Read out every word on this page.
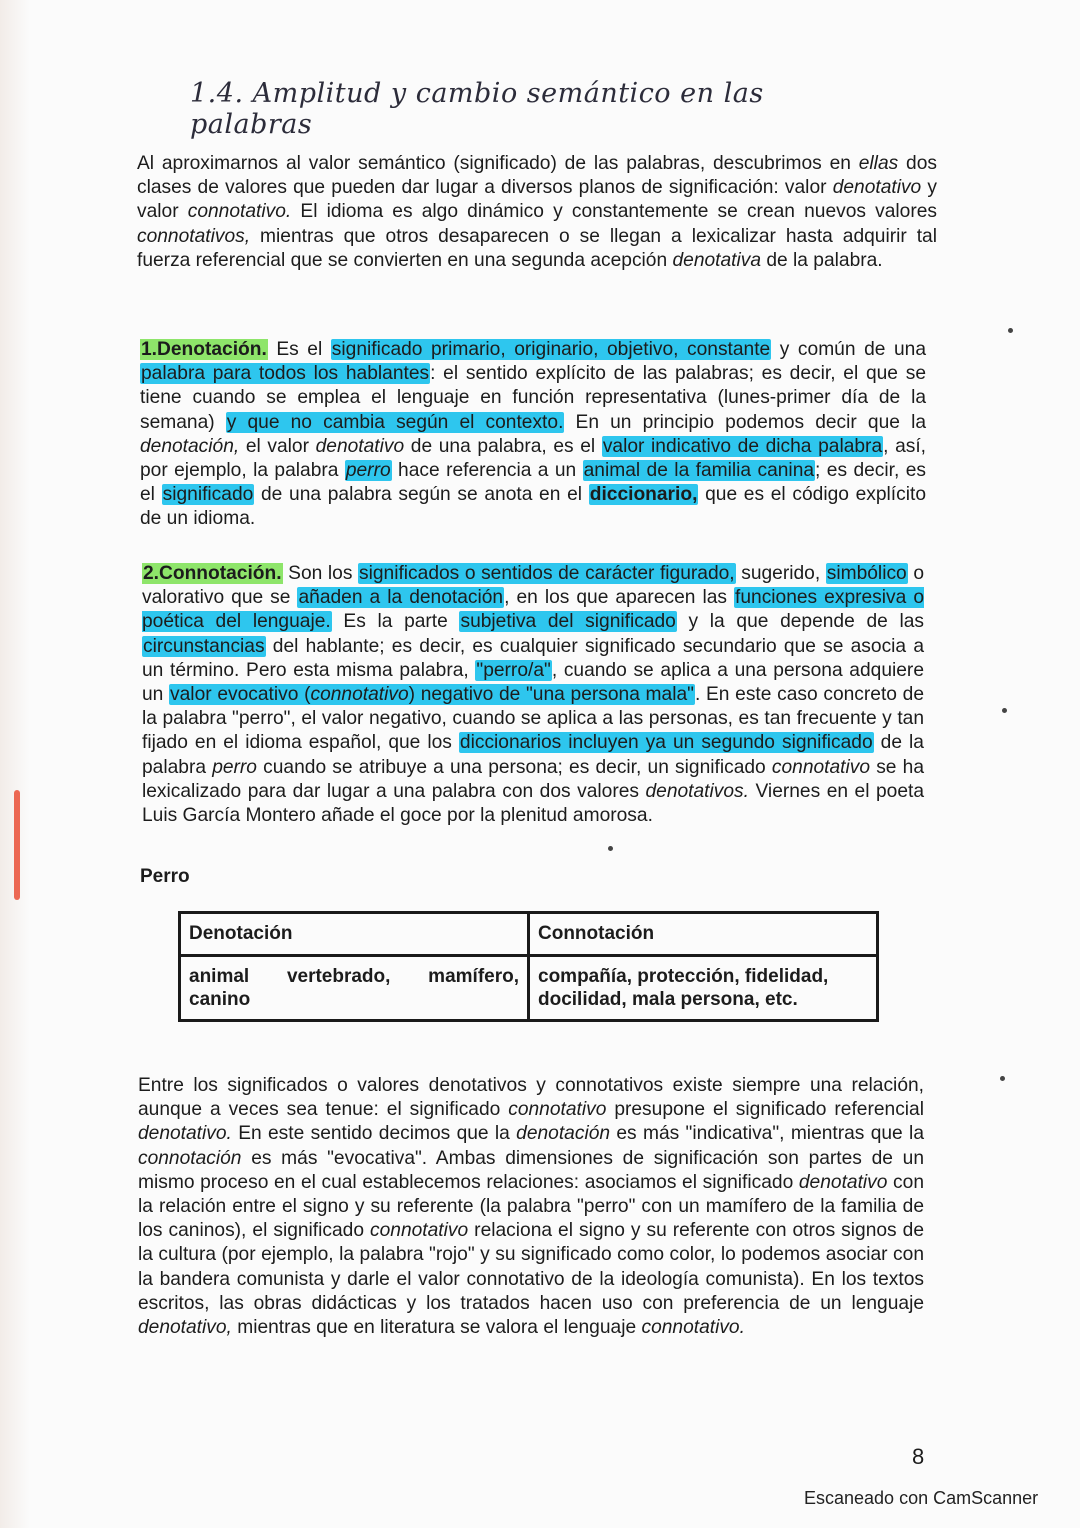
1.4. Amplitud y cambio semántico en las palabras

Al aproximarnos al valor semántico (significado) de las palabras, descubrimos en ellas dos clases de valores que pueden dar lugar a diversos planos de significación: valor denotativo y valor connotativo. El idioma es algo dinámico y constantemente se crean nuevos valores connotativos, mientras que otros desaparecen o se llegan a lexicalizar hasta adquirir tal fuerza referencial que se convierten en una segunda acepción denotativa de la palabra.

1.Denotación. Es el significado primario, originario, objetivo, constante y común de una palabra para todos los hablantes: el sentido explícito de las palabras; es decir, el que se tiene cuando se emplea el lenguaje en función representativa (lunes-primer día de la semana) y que no cambia según el contexto. En un principio podemos decir que la denotación, el valor denotativo de una palabra, es el valor indicativo de dicha palabra, así, por ejemplo, la palabra perro hace referencia a un animal de la familia canina; es decir, es el significado de una palabra según se anota en el diccionario, que es el código explícito de un idioma.

2.Connotación. Son los significados o sentidos de carácter figurado, sugerido, simbólico o valorativo que se añaden a la denotación, en los que aparecen las funciones expresiva o poética del lenguaje. Es la parte subjetiva del significado y la que depende de las circunstancias del hablante; es decir, es cualquier significado secundario que se asocia a un término. Pero esta misma palabra, "perro/a", cuando se aplica a una persona adquiere un valor evocativo (connotativo) negativo de "una persona mala". En este caso concreto de la palabra "perro", el valor negativo, cuando se aplica a las personas, es tan frecuente y tan fijado en el idioma español, que los diccionarios incluyen ya un segundo significado de la palabra perro cuando se atribuye a una persona; es decir, un significado connotativo se ha lexicalizado para dar lugar a una palabra con dos valores denotativos. Viernes en el poeta Luis García Montero añade el goce por la plenitud amorosa.

Perro

Denotación	Connotación
animal vertebrado, mamífero, canino	compañía, protección, fidelidad, docilidad, mala persona, etc.

Entre los significados o valores denotativos y connotativos existe siempre una relación, aunque a veces sea tenue: el significado connotativo presupone el significado referencial denotativo. En este sentido decimos que la denotación es más "indicativa", mientras que la connotación es más "evocativa". Ambas dimensiones de significación son partes de un mismo proceso en el cual establecemos relaciones: asociamos el significado denotativo con la relación entre el signo y su referente (la palabra "perro" con un mamífero de la familia de los caninos), el significado connotativo relaciona el signo y su referente con otros signos de la cultura (por ejemplo, la palabra "rojo" y su significado como color, lo podemos asociar con la bandera comunista y darle el valor connotativo de la ideología comunista). En los textos escritos, las obras didácticas y los tratados hacen uso con preferencia de un lenguaje denotativo, mientras que en literatura se valora el lenguaje connotativo.

8

Escaneado con CamScanner
